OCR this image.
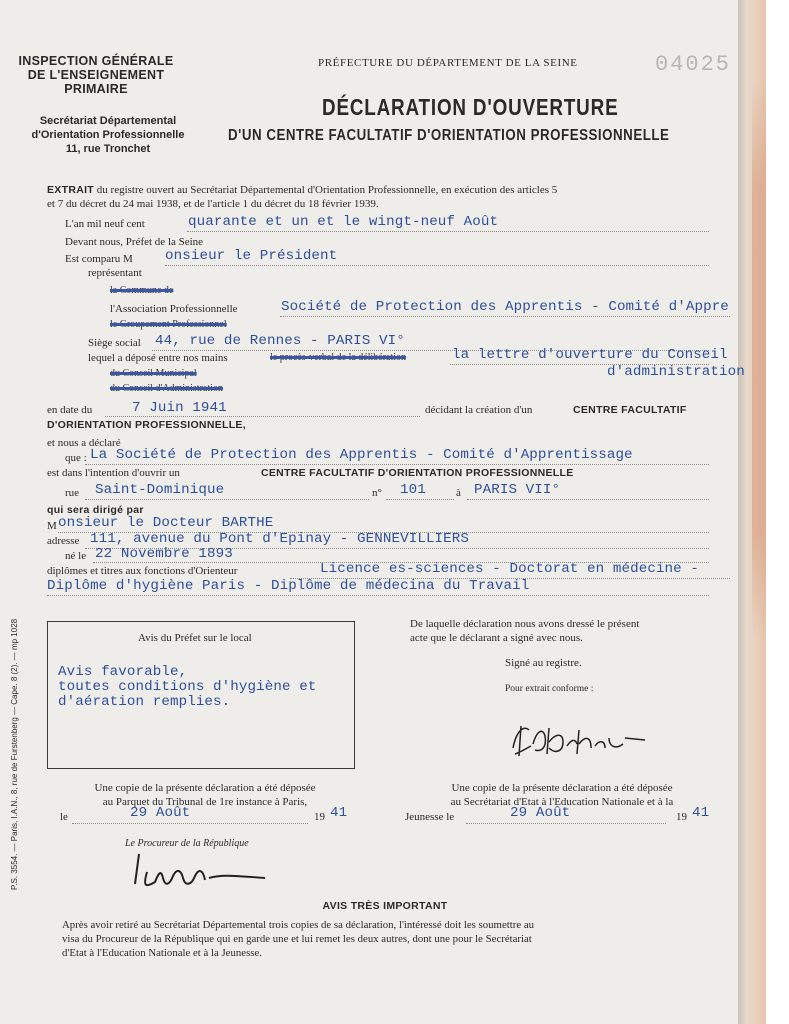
INSPECTION GÉNÉRALE
DE L'ENSEIGNEMENT PRIMAIRE
Secrétariat Départemental
d'Orientation Professionnelle
11, rue Tronchet
PRÉFECTURE DU DÉPARTEMENT DE LA SEINE	04025
DÉCLARATION D'OUVERTURE
D'UN CENTRE FACULTATIF D'ORIENTATION PROFESSIONNELLE
EXTRAIT du registre ouvert au Secrétariat Départemental d'Orientation Professionnelle, en exécution des articles 5
et 7 du décret du 24 mai 1938, et de l'article 1 du décret du 18 février 1939.
L'an mil neuf cent	quarante et un et le wingt-neuf Août
Devant nous, Préfet de la Seine
Est comparu M onsieur le Président
représentant
la Commune de
l'Association Professionnelle	Société de Protection des Apprentis - Comité d'Appre
le Groupement Professionnel
Siège social 44, rue de Rennes - PARIS VI°
lequel a déposé entre nos mains	le procès-verbal de la délibération	la lettre d'ouverture du Conseil
du Conseil Municipal	d'administration
du Conseil d'Administration
en date du	7 Juin 1941	décidant la création d'un	CENTRE FACULTATIF
D'ORIENTATION PROFESSIONNELLE,
et nous a déclaré
que : La Société de Protection des Apprentis - Comité d'Apprentissage
est dans l'intention d'ouvrir un	CENTRE FACULTATIF D'ORIENTATION PROFESSIONNELLE
rue Saint-Dominique	n° 101	à PARIS VII°
qui sera dirigé par
M onsieur le Docteur BARTHE
adresse 111, avenue du Pont d'Epinay - GENNEVILLIERS
né le 22 Novembre 1893
diplômes et titres aux fonctions d'Orienteur	Licence es-sciences - Doctorat en médecine -
Diplôme d'hygiène Paris - Diplôme de médecina du Travail
P.S. 3554. — Paris, I.A.N., 8, rue de Furstenberg — Cape. 8 (2). — mp 1028	Avis du Préfet sur le local
Avis favorable,
toutes conditions d'hygiène et
d'aération remplies.
De laquelle déclaration nous avons dressé le présent
acte que le déclarant a signé avec nous.
Signé au registre.
Pour extrait conforme :
Une copie de la présente déclaration a été déposée
au Parquet du Tribunal de 1re instance à Paris,
le	29 Août	19 41
Le Procureur de la République
Une copie de la présente déclaration a été déposée
au Secrétariat d'Etat à l'Education Nationale et à la
Jeunesse le	29 Août	19 41
AVIS TRÈS IMPORTANT
Après avoir retiré au Secrétariat Départemental trois copies de sa déclaration, l'intéressé doit les soumettre au
visa du Procureur de la République qui en garde une et lui remet les deux autres, dont une pour le Secrétariat
d'Etat à l'Education Nationale et à la Jeunesse.
